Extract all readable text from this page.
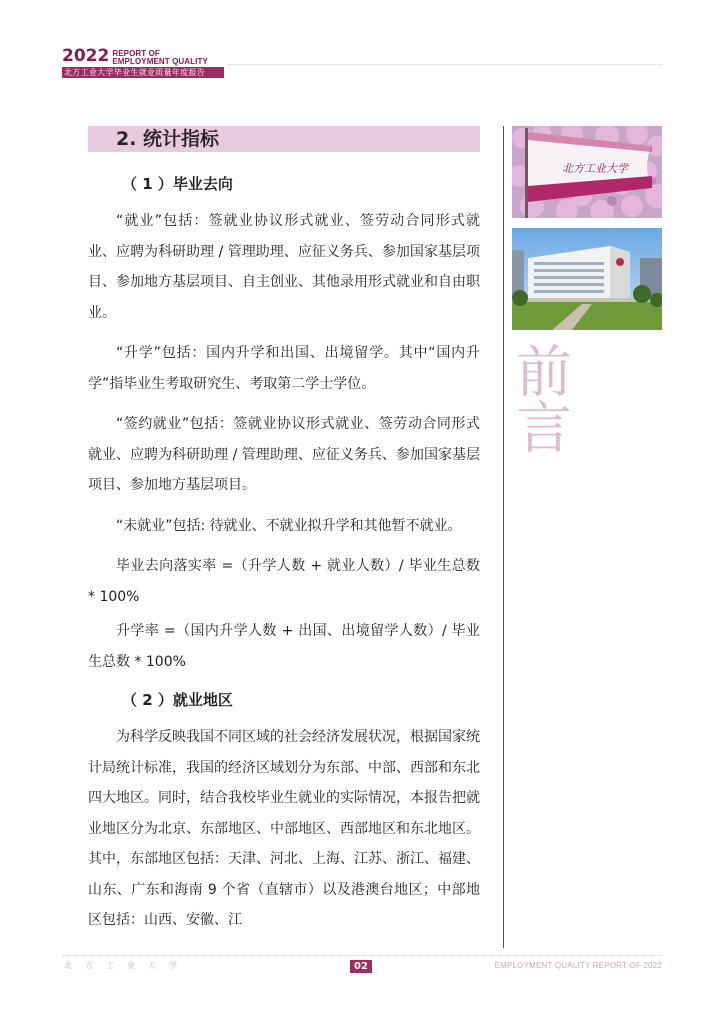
2022 REPORT OF
EMPLOYMENT QUALITY
北方工业大学毕业生就业质量年度报告
2. 统计指标
（ 1 ）毕业去向

“就业”包括：签就业协议形式就业、签劳动合同形式就业、应聘为科研助理 / 管理助理、应征义务兵、参加国家基层项目、参加地方基层项目、自主创业、其他录用形式就业和自由职业。

“升学”包括：国内升学和出国、出境留学。其中“国内升学”指毕业生考取研究生、考取第二学士学位。

“签约就业”包括：签就业协议形式就业、签劳动合同形式就业、应聘为科研助理 / 管理助理、应征义务兵、参加国家基层项目、参加地方基层项目。

“未就业”包括: 待就业、不就业拟升学和其他暂不就业。

毕业去向落实率 =（升学人数 + 就业人数）/ 毕业生总数 * 100%

升学率 =（国内升学人数 + 出国、出境留学人数）/ 毕业生总数 * 100%

（ 2 ）就业地区

为科学反映我国不同区域的社会经济发展状况，根据国家统计局统计标准，我国的经济区域划分为东部、中部、西部和东北四大地区。同时，结合我校毕业生就业的实际情况，本报告把就业地区分为北京、东部地区、中部地区、西部地区和东北地区。其中，东部地区包括：天津、河北、上海、江苏、浙江、福建、山东、广东和海南 9 个省（直辖市）以及港澳台地区；中部地区包括：山西、安徽、江

北方工业大学
前言
北方工业大学	02	EMPLOYMENT QUALITY REPORT OF 2022
